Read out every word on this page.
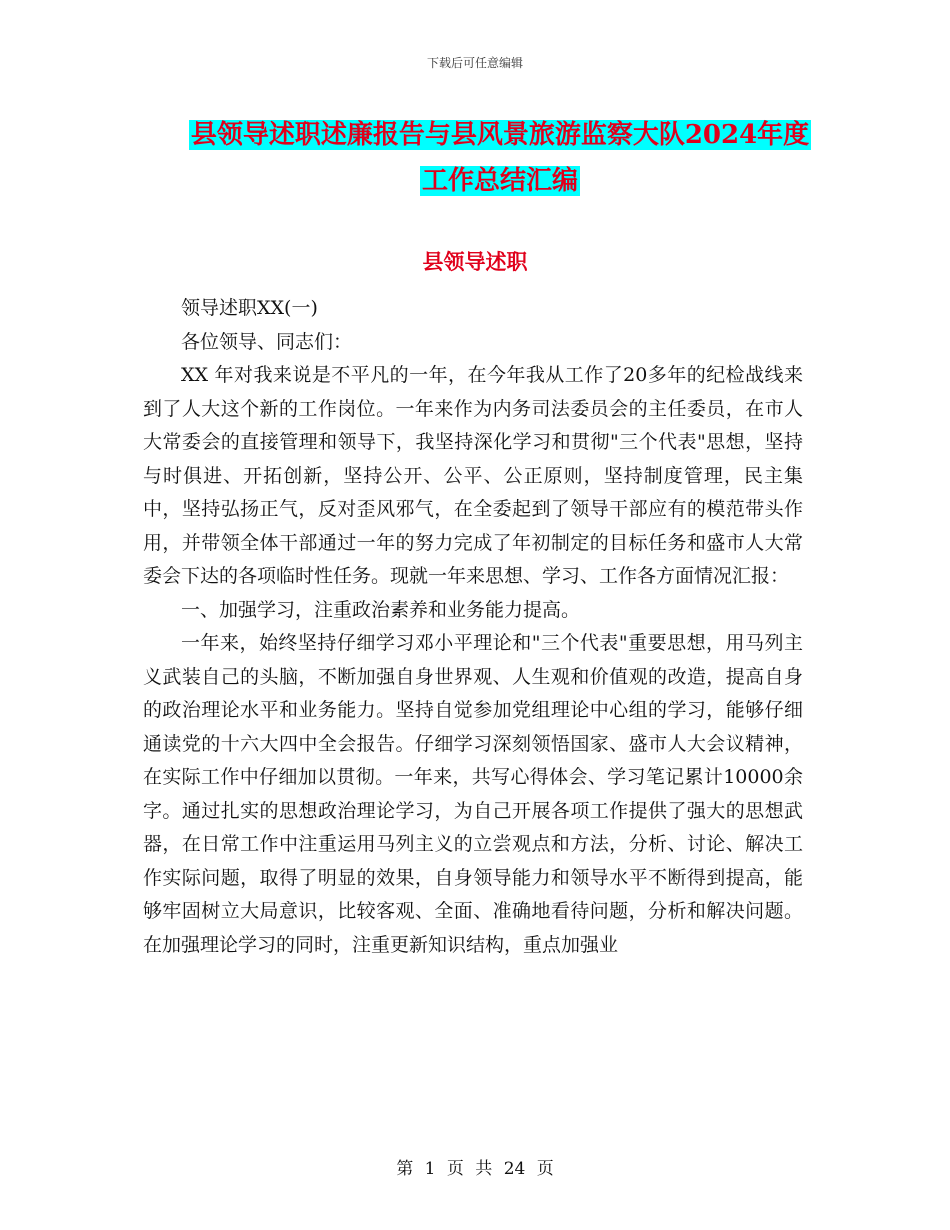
下载后可任意编辑
县领导述职述廉报告与县风景旅游监察大队2024年度
工作总结汇编
县领导述职

领导述职XX(一)

各位领导、同志们：

XX 年对我来说是不平凡的一年，在今年我从工作了20多年的纪检战线来到了人大这个新的工作岗位。一年来作为内务司法委员会的主任委员，在市人大常委会的直接管理和领导下，我坚持深化学习和贯彻"三个代表"思想，坚持与时俱进、开拓创新，坚持公开、公平、公正原则，坚持制度管理，民主集中，坚持弘扬正气，反对歪风邪气，在全委起到了领导干部应有的模范带头作用，并带领全体干部通过一年的努力完成了年初制定的目标任务和盛市人大常委会下达的各项临时性任务。现就一年来思想、学习、工作各方面情况汇报：

一、加强学习，注重政治素养和业务能力提高。

一年来，始终坚持仔细学习邓小平理论和"三个代表"重要思想，用马列主义武装自己的头脑，不断加强自身世界观、人生观和价值观的改造，提高自身的政治理论水平和业务能力。坚持自觉参加党组理论中心组的学习，能够仔细通读党的十六大四中全会报告。仔细学习深刻领悟国家、盛市人大会议精神，在实际工作中仔细加以贯彻。一年来，共写心得体会、学习笔记累计10000余字。通过扎实的思想政治理论学习，为自己开展各项工作提供了强大的思想武器，在日常工作中注重运用马列主义的立尝观点和方法，分析、讨论、解决工作实际问题，取得了明显的效果，自身领导能力和领导水平不断得到提高，能够牢固树立大局意识，比较客观、全面、准确地看待问题，分析和解决问题。在加强理论学习的同时，注重更新知识结构，重点加强业

第 1 页 共 24 页
